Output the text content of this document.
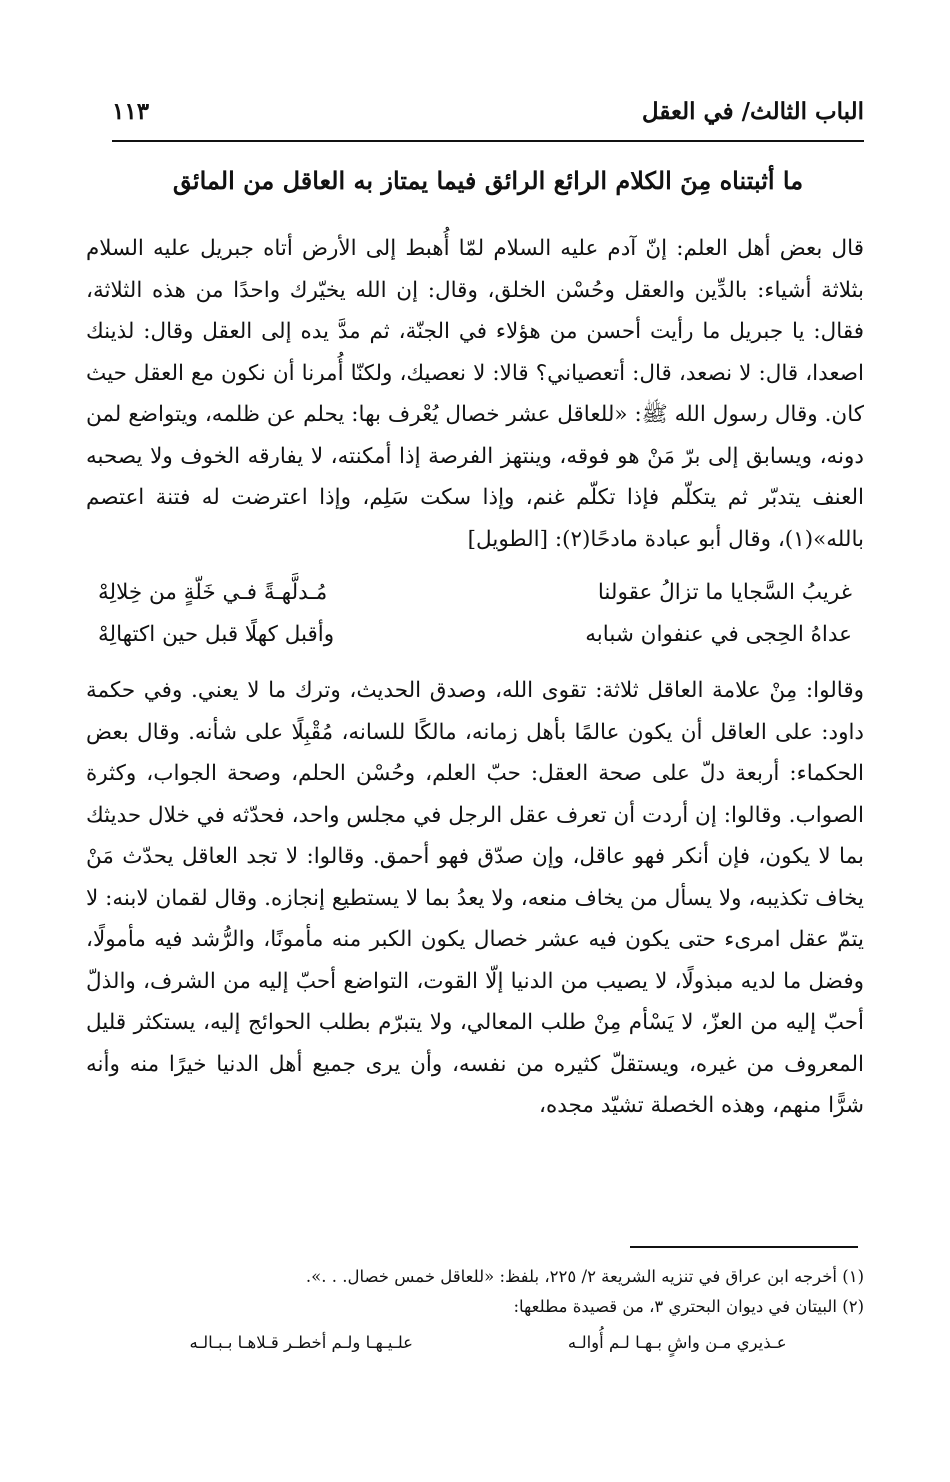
الباب الثالث/ في العقل
١١٣
ما أثبتناه مِنَ الكلام الرائع الرائق فيما يمتاز به العاقل من المائق

قال بعض أهل العلم: إنّ آدم عليه السلام لمّا أُهبط إلى الأرض أتاه جبريل عليه السلام بثلاثة أشياء: بالدِّين والعقل وحُسْن الخلق، وقال: إن الله يخيّرك واحدًا من هذه الثلاثة، فقال: يا جبريل ما رأيت أحسن من هؤلاء في الجنّة، ثم مدَّ يده إلى العقل وقال: لذينك اصعدا، قال: لا نصعد، قال: أتعصياني؟ قالا: لا نعصيك، ولكنّا أُمرنا أن نكون مع العقل حيث كان. وقال رسول الله ﷺ: «للعاقل عشر خصال يُعْرف بها: يحلم عن ظلمه، ويتواضع لمن دونه، ويسابق إلى برّ مَنْ هو فوقه، وينتهز الفرصة إذا أمكنته، لا يفارقه الخوف ولا يصحبه العنف يتدبّر ثم يتكلّم فإذا تكلّم غنم، وإذا سكت سَلِم، وإذا اعترضت له فتنة اعتصم بالله»(١)، وقال أبو عبادة مادحًا(٢): [الطويل]

غريبُ السَّجايا ما تزالُ عقولنا
مُـدلَّهـةً فـي خَلّةٍ من خِلالِهْ
عداهُ الحِجى في عنفوان شبابه
وأقبل كهلًا قبل حين اكتهالِهْ

وقالوا: مِنْ علامة العاقل ثلاثة: تقوى الله، وصدق الحديث، وترك ما لا يعني. وفي حكمة داود: على العاقل أن يكون عالمًا بأهل زمانه، مالكًا للسانه، مُقْبِلًا على شأنه. وقال بعض الحكماء: أربعة دلّ على صحة العقل: حبّ العلم، وحُسْن الحلم، وصحة الجواب، وكثرة الصواب. وقالوا: إن أردت أن تعرف عقل الرجل في مجلس واحد، فحدّثه في خلال حديثك بما لا يكون، فإن أنكر فهو عاقل، وإن صدّق فهو أحمق. وقالوا: لا تجد العاقل يحدّث مَنْ يخاف تكذيبه، ولا يسأل من يخاف منعه، ولا يعدُ بما لا يستطيع إنجازه. وقال لقمان لابنه: لا يتمّ عقل امرىء حتى يكون فيه عشر خصال يكون الكبر منه مأمونًا، والرُّشد فيه مأمولًا، وفضل ما لديه مبذولًا، لا يصيب من الدنيا إلّا القوت، التواضع أحبّ إليه من الشرف، والذلّ أحبّ إليه من العزّ، لا يَسْأم مِنْ طلب المعالي، ولا يتبرّم بطلب الحوائج إليه، يستكثر قليل المعروف من غيره، ويستقلّ كثيره من نفسه، وأن يرى جميع أهل الدنيا خيرًا منه وأنه شرًّا منهم، وهذه الخصلة تشيّد مجده،

(١) أخرجه ابن عراق في تنزيه الشريعة ٢/ ٢٢٥، بلفظ: «للعاقل خمس خصال. . .».
(٢) البيتان في ديوان البحتري ٣، من قصيدة مطلعها:
عـذيري مـن واشٍ بـهـا لـم أُوالـه
علـيـهـا ولـم أخطـر قـلاهـا بـبـالـه
